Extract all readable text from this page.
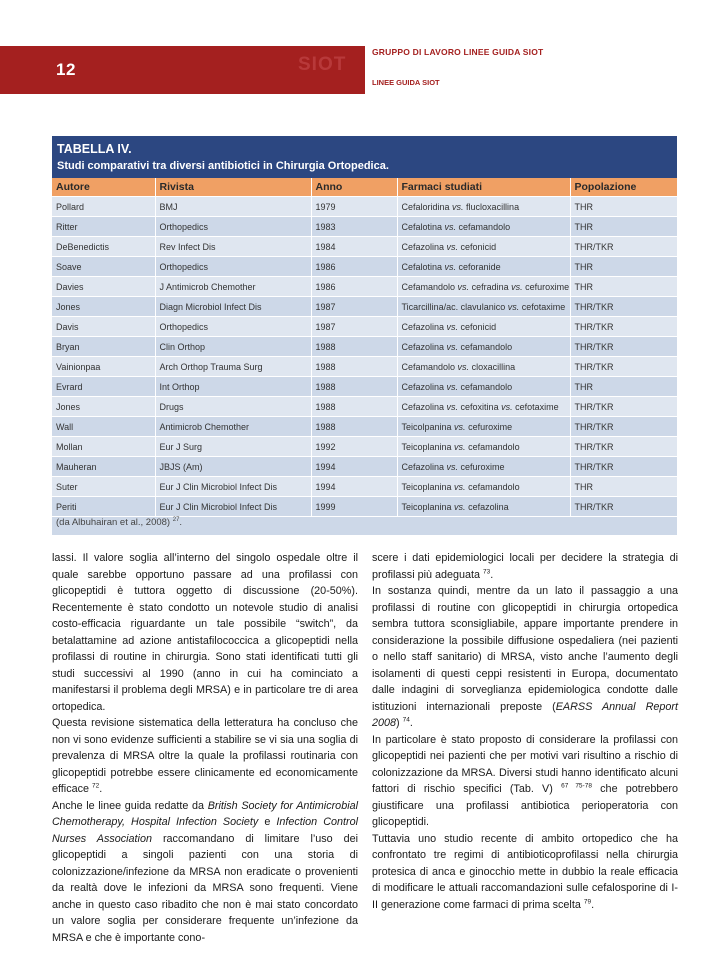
12	SIOT
GRUPPO DI LAVORO LINEE GUIDA SIOT
LINEE GUIDA SIOT
TABELLA IV.
Studi comparativi tra diversi antibiotici in Chirurgia Ortopedica.
Autore	Rivista	Anno	Farmaci studiati	Popolazione
Pollard	BMJ	1979	Cefaloridina vs. flucloxacillina	THR
Ritter	Orthopedics	1983	Cefalotina vs. cefamandolo	THR
DeBenedictis	Rev Infect Dis	1984	Cefazolina vs. cefonicid	THR/TKR
Soave	Orthopedics	1986	Cefalotina vs. ceforanide	THR
Davies	J Antimicrob Chemother	1986	Cefamandolo vs. cefradina vs. cefuroxime	THR
Jones	Diagn Microbiol Infect Dis	1987	Ticarcillina/ac. clavulanico vs. cefotaxime	THR/TKR
Davis	Orthopedics	1987	Cefazolina vs. cefonicid	THR/TKR
Bryan	Clin Orthop	1988	Cefazolina vs. cefamandolo	THR/TKR
Vainionpaa	Arch Orthop Trauma Surg	1988	Cefamandolo vs. cloxacillina	THR/TKR
Evrard	Int Orthop	1988	Cefazolina vs. cefamandolo	THR
Jones	Drugs	1988	Cefazolina vs. cefoxitina vs. cefotaxime	THR/TKR
Wall	Antimicrob Chemother	1988	Teicolpanina vs. cefuroxime	THR/TKR
Mollan	Eur J Surg	1992	Teicoplanina vs. cefamandolo	THR/TKR
Mauheran	JBJS (Am)	1994	Cefazolina vs. cefuroxime	THR/TKR
Suter	Eur J Clin Microbiol Infect Dis	1994	Teicoplanina vs. cefamandolo	THR
Periti	Eur J Clin Microbiol Infect Dis	1999	Teicoplanina vs. cefazolina	THR/TKR
(da Albuhairan et al., 2008) $^{27}$.

lassi. Il valore soglia all’interno del singolo ospedale oltre il quale sarebbe opportuno passare ad una profilassi con glicopeptidi è tuttora oggetto di discussione (20-50%). Recentemente è stato condotto un notevole studio di analisi costo-efficacia riguardante un tale possibile “switch”, da betalattamine ad azione antistafilococcica a glicopeptidi nella profilassi di routine in chirurgia. Sono stati identificati tutti gli studi successivi al 1990 (anno in cui ha cominciato a manifestarsi il problema degli MRSA) e in particolare tre di area ortopedica.

Questa revisione sistematica della letteratura ha concluso che non vi sono evidenze sufficienti a stabilire se vi sia una soglia di prevalenza di MRSA oltre la quale la profilassi routinaria con glicopeptidi potrebbe essere clinicamente ed economicamente efficace $^{72}$.

Anche le linee guida redatte da British Society for Antimicrobial Chemotherapy, Hospital Infection Society e Infection Control Nurses Association raccomandano di limitare l’uso dei glicopeptidi a singoli pazienti con una storia di colonizzazione/infezione da MRSA non eradicate o provenienti da realtà dove le infezioni da MRSA sono frequenti. Viene anche in questo caso ribadito che non è mai stato concordato un valore soglia per considerare frequente un’infezione da MRSA e che è importante cono-

scere i dati epidemiologici locali per decidere la strategia di profilassi più adeguata $^{73}$.

In sostanza quindi, mentre da un lato il passaggio a una profilassi di routine con glicopeptidi in chirurgia ortopedica sembra tuttora sconsigliabile, appare importante prendere in considerazione la possibile diffusione ospedaliera (nei pazienti o nello staff sanitario) di MRSA, visto anche l’aumento degli isolamenti di questi ceppi resistenti in Europa, documentato dalle indagini di sorveglianza epidemiologica condotte dalle istituzioni internazionali preposte (EARSS Annual Report 2008) $^{74}$.

In particolare è stato proposto di considerare la profilassi con glicopeptidi nei pazienti che per motivi vari risultino a rischio di colonizzazione da MRSA. Diversi studi hanno identificato alcuni fattori di rischio specifici (Tab. V) $^{67 75-78}$ che potrebbero giustificare una profilassi antibiotica perioperatoria con glicopeptidi.

Tuttavia uno studio recente di ambito ortopedico che ha confrontato tre regimi di antibioticoprofilassi nella chirurgia protesica di anca e ginocchio mette in dubbio la reale efficacia di modificare le attuali raccomandazioni sulle cefalosporine di I-II generazione come farmaci di prima scelta $^{79}$.
